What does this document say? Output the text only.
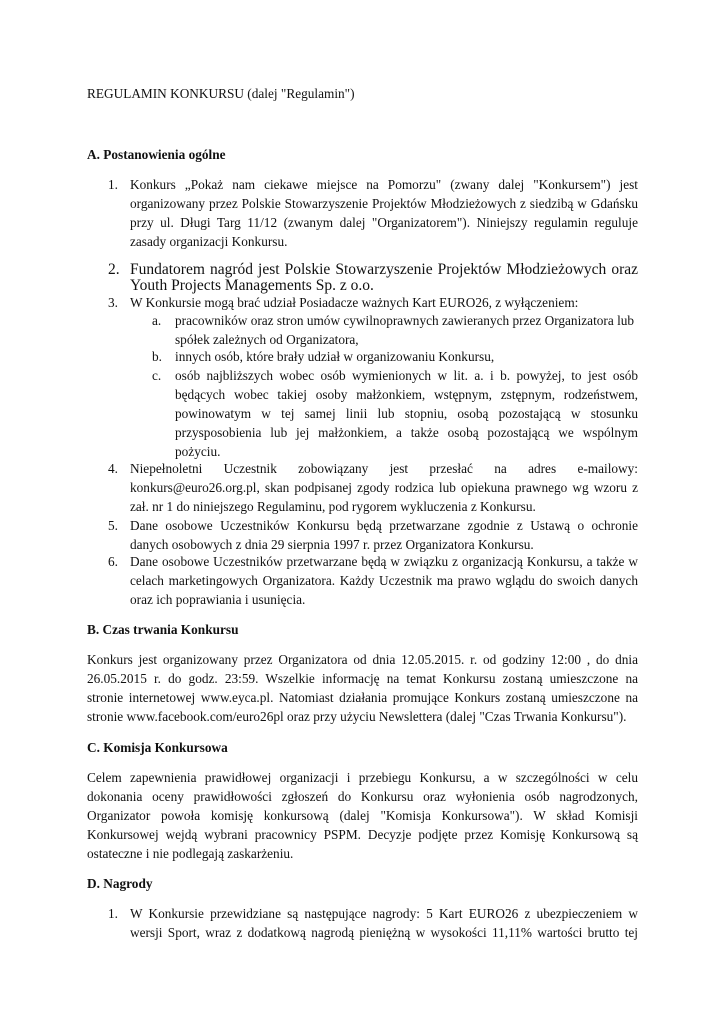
REGULAMIN KONKURSU (dalej "Regulamin")
A. Postanowienia ogólne
1. Konkurs „Pokaż nam ciekawe miejsce na Pomorzu" (zwany dalej "Konkursem") jest
organizowany przez Polskie Stowarzyszenie Projektów Młodzieżowych z siedzibą w Gdańsku
przy ul. Długi Targ 11/12 (zwanym dalej "Organizatorem"). Niniejszy regulamin reguluje
zasady organizacji Konkursu.
2. Fundatorem nagród jest Polskie Stowarzyszenie Projektów Młodzieżowych oraz
Youth Projects Managements Sp. z o.o.
3. W Konkursie mogą brać udział Posiadacze ważnych Kart EURO26, z wyłączeniem:
a. pracowników oraz stron umów cywilnoprawnych zawieranych przez Organizatora lub
spółek zależnych od Organizatora,
b. innych osób, które brały udział w organizowaniu Konkursu,
c. osób najbliższych wobec osób wymienionych w lit. a. i b. powyżej, to jest osób
będących wobec takiej osoby małżonkiem, wstępnym, zstępnym, rodzeństwem,
powinowatym w tej samej linii lub stopniu, osobą pozostającą w stosunku
przysposobienia lub jej małżonkiem, a także osobą pozostającą we wspólnym
pożyciu.
4. Niepełnoletni Uczestnik zobowiązany jest przesłać na adres e-mailowy:
konkurs@euro26.org.pl, skan podpisanej zgody rodzica lub opiekuna prawnego wg wzoru z
zał. nr 1 do niniejszego Regulaminu, pod rygorem wykluczenia z Konkursu.
5. Dane osobowe Uczestników Konkursu będą przetwarzane zgodnie z Ustawą o ochronie
danych osobowych z dnia 29 sierpnia 1997 r. przez Organizatora Konkursu.
6. Dane osobowe Uczestników przetwarzane będą w związku z organizacją Konkursu, a także w
celach marketingowych Organizatora. Każdy Uczestnik ma prawo wglądu do swoich danych
oraz ich poprawiania i usunięcia.
B. Czas trwania Konkursu
Konkurs jest organizowany przez Organizatora od dnia 12.05.2015. r. od godziny 12:00 , do dnia
26.05.2015 r. do godz. 23:59. Wszelkie informację na temat Konkursu zostaną umieszczone na
stronie internetowej www.eyca.pl. Natomiast działania promujące Konkurs zostaną umieszczone na
stronie www.facebook.com/euro26pl oraz przy użyciu Newslettera (dalej "Czas Trwania Konkursu").
C. Komisja Konkursowa
Celem zapewnienia prawidłowej organizacji i przebiegu Konkursu, a w szczególności w celu
dokonania oceny prawidłowości zgłoszeń do Konkursu oraz wyłonienia osób nagrodzonych,
Organizator powoła komisję konkursową (dalej "Komisja Konkursowa"). W skład Komisji
Konkursowej wejdą wybrani pracownicy PSPM. Decyzje podjęte przez Komisję Konkursową są
ostateczne i nie podlegają zaskarżeniu.
D. Nagrody
1. W Konkursie przewidziane są następujące nagrody: 5 Kart EURO26 z ubezpieczeniem w
wersji Sport, wraz z dodatkową nagrodą pieniężną w wysokości 11,11% wartości brutto tej
